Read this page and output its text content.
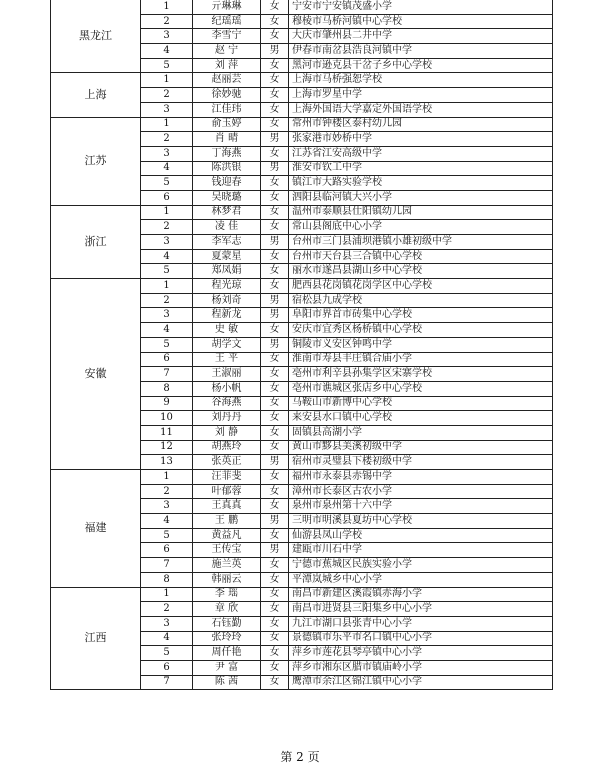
黑龙江	1	亓琳琳	女	宁安市宁安镇茂盛小学
	2	纪瑶瑶	女	穆棱市马桥河镇中心学校
	3	李雪宁	女	大庆市肇州县二井中学
	4	赵 宁	男	伊春市南岔县浩良河镇中学
	5	刘 萍	女	黑河市逊克县干岔子乡中心学校
上海	1	赵丽芸	女	上海市马桥强恕学校
	2	徐妙驰	女	上海市罗星中学
	3	江佳玮	女	上海外国语大学嘉定外国语学校
江苏	1	俞玉婷	女	常州市钟楼区泰村幼儿园
	2	肖 晴	男	张家港市妙桥中学
	3	丁海燕	女	江苏省江安高级中学
	4	陈洪银	男	淮安市钦工中学
	5	钱迎春	女	镇江市大路实验学校
	6	吴晓璐	女	泗阳县临河镇大兴小学
浙江	1	林梦君	女	温州市泰顺县仕阳镇幼儿园
	2	凌 佳	女	常山县阁底中心小学
	3	李军志	男	台州市三门县浦坝港镇小雄初级中学
	4	夏蒙星	女	台州市天台县三合镇中心学校
	5	郑凤娟	女	丽水市遂昌县湖山乡中心学校
安徽	1	程光琼	女	肥西县花岗镇花岗学区中心学校
	2	杨刘奇	男	宿松县九成学校
	3	程新龙	男	阜阳市界首市砖集中心学校
	4	史 敏	女	安庆市宜秀区杨桥镇中心学校
	5	胡学文	男	铜陵市义安区钟鸣中学
	6	王 平	女	淮南市寿县丰庄镇合庙小学
	7	王淑丽	女	亳州市利辛县孙集学区宋寨学校
	8	杨小帆	女	亳州市谯城区张店乡中心学校
	9	谷海燕	女	马鞍山市新博中心学校
	10	刘丹丹	女	来安县水口镇中心学校
	11	刘 静	女	固镇县高湖小学
	12	胡燕玲	女	黄山市黟县美溪初级中学
	13	张英正	男	宿州市灵璧县下楼初级中学
福建	1	汪菲斐	女	福州市永泰县赤锡中学
	2	叶郁蓉	女	漳州市长泰区古农小学
	3	王真真	女	泉州市泉州第十六中学
	4	王 鹏	男	三明市明溪县夏坊中心学校
	5	黄益凡	女	仙游县凤山学校
	6	王传宝	男	建瓯市川石中学
	7	施兰英	女	宁德市蕉城区民族实验小学
	8	韩丽云	女	平潭岚城乡中心小学
江西	1	李 瑶	女	南昌市新建区溪霞镇赤海小学
	2	章 欣	女	南昌市进贤县三阳集乡中心小学
	3	石钰勤	女	九江市湖口县张青中心小学
	4	张玲玲	女	景德镇市乐平市名口镇中心小学
	5	周仟艳	女	萍乡市莲花县琴亭镇中心小学
	6	尹 富	女	萍乡市湘东区腊市镇庙岭小学
	7	陈 茜	女	鹰潭市余江区锦江镇中心小学
第 2 页
